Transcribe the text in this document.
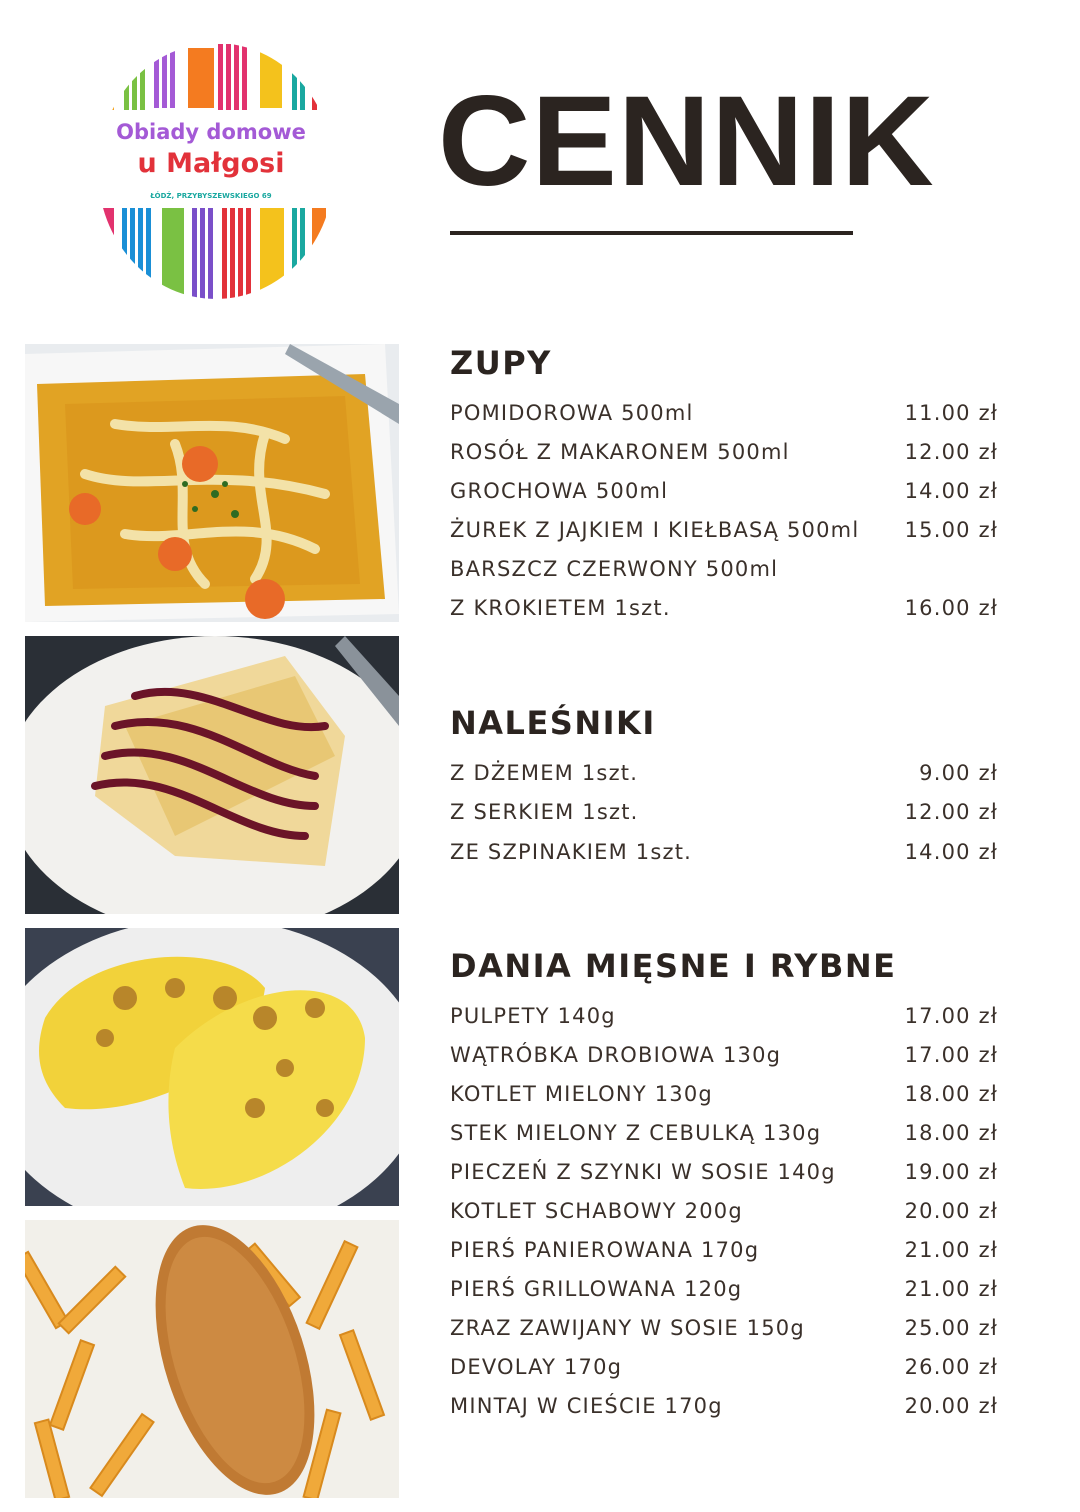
Obiady domowe
u Małgosi
ŁÓDŹ, PRZYBYSZEWSKIEGO 69	CENNIK
ZUPY
POMIDOROWA 500ml	11.00 zł
ROSÓŁ Z MAKARONEM 500ml	12.00 zł
GROCHOWA 500ml	14.00 zł
ŻUREK Z JAJKIEM I KIEŁBASĄ 500ml 15.00 zł
BARSZCZ CZERWONY 500ml
Z KROKIETEM 1szt.	16.00 zł
NALEŚNIKI
Z DŻEMEM 1szt.	9.00 zł
Z SERKIEM 1szt.	12.00 zł
ZE SZPINAKIEM 1szt.	14.00 zł
DANIA MIĘSNE I RYBNE
PULPETY 140g	17.00 zł
WĄTRÓBKA DROBIOWA 130g	17.00 zł
KOTLET MIELONY 130g	18.00 zł
STEK MIELONY Z CEBULKĄ 130g	18.00 zł
PIECZEŃ Z SZYNKI W SOSIE 140g	19.00 zł
KOTLET SCHABOWY 200g	20.00 zł
PIERŚ PANIEROWANA 170g	21.00 zł
PIERŚ GRILLOWANA 120g	21.00 zł
ZRAZ ZAWIJANY W SOSIE 150g	25.00 zł
DEVOLAY 170g	26.00 zł
MINTAJ W CIEŚCIE 170g	20.00 zł
